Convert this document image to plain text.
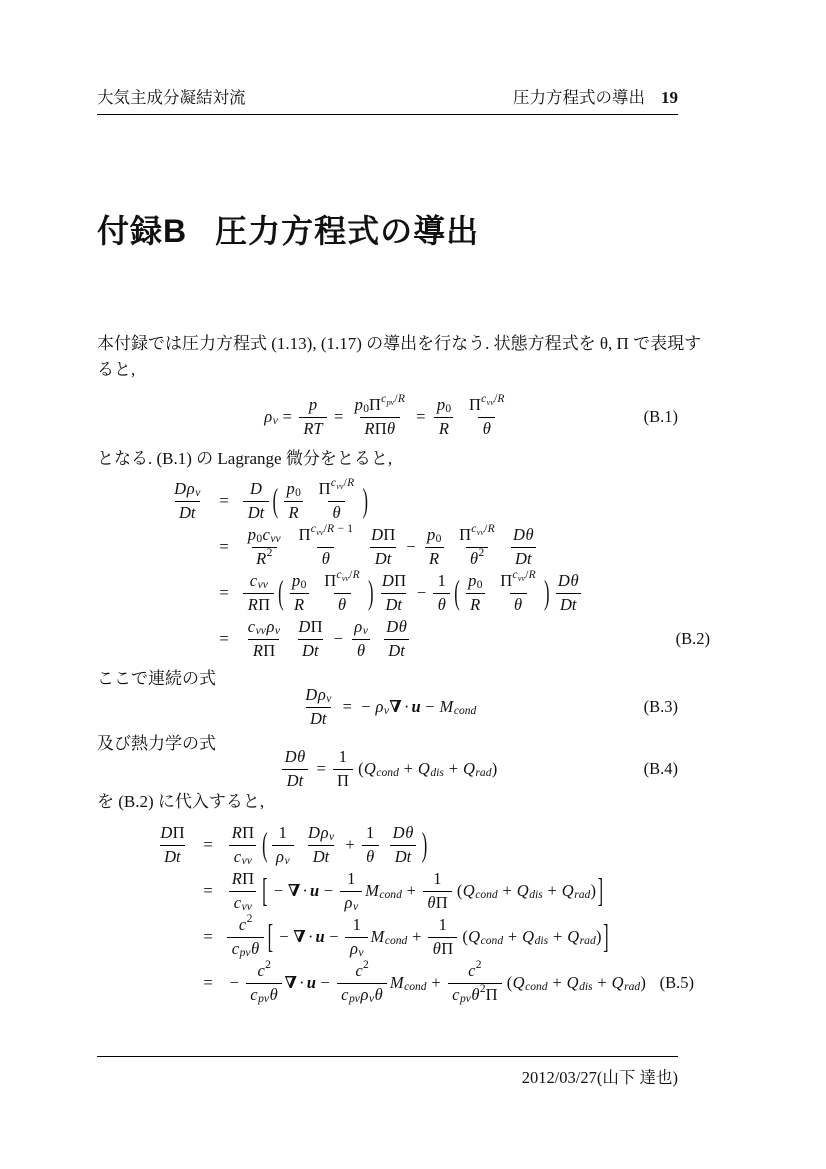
大気主成分凝結対流	圧力方程式の導出 19
付録B 圧力方程式の導出
本付録では圧力方程式 (1.13), (1.17) の導出を行なう. 状態方程式を θ, Π で表現す
ると,
ρ $v = \frac{p}{RT}$ =
p 0 Π c pv / R
R Π θ
= $\frac{p 0}{R}$ Π c vv / R
θ
(B.1)
となる. (B.1) の Lagrange 微分をとると,
D ρ v
Dt
=
D
Dt ( p 0
R
Π c vv / R
θ )
=
p 0 c vv
R 2
Π c vv / R − 1
θ
D Π
Dt
− $\frac{p 0}{R}$ Π c vv / R
θ 2
D θ
Dt
=
c vv
R Π ( p 0
R
Π c vv / R
θ ) D Π
Dt
− $\frac{1}{\theta}$ ( p 0
R
Π c vv / R
θ ) D θ
Dt
=
c vv ρ v
R Π
D Π
Dt
− $\frac{\text{ρ v}}{\theta}$ D θ
Dt
(B.2)
ここで連続の式
D ρ v
Dt
= − ρ v ∇ · u − M cond	(B.3)
及び熱力学の式
$\frac{\text{D θ}}{Dt} = \frac{1}{\Pi}$ ( Q cond + Q dis + Q rad )	(B.4)
を (B.2) に代入すると,
D Π
Dt
=
R Π
c vv ( 1
ρ v
D ρ v
Dt
+ $\frac{1}{\theta}$ D θ
Dt )
=
R Π
c vv [ − ∇ · $u - \frac{1}{\text{ρ v}}$ M cond + $\frac{1}{\text{θ Π}}$ ( Q cond + Q dis + Q rad ) ]
=
c 2
c pv θ [ − ∇ · $u - \frac{1}{\text{ρ v}}$ M cond + $\frac{1}{\text{θ Π}}$ ( Q cond + Q dis + Q rad ) ]
= −
c 2
c pv θ
∇ · u −
c 2
c pv ρ v θ
M cond +
c 2
c pv θ 2 Π
( Q cond + Q dis + Q rad ) (B.5)
2012/03/27(山下 達也)
